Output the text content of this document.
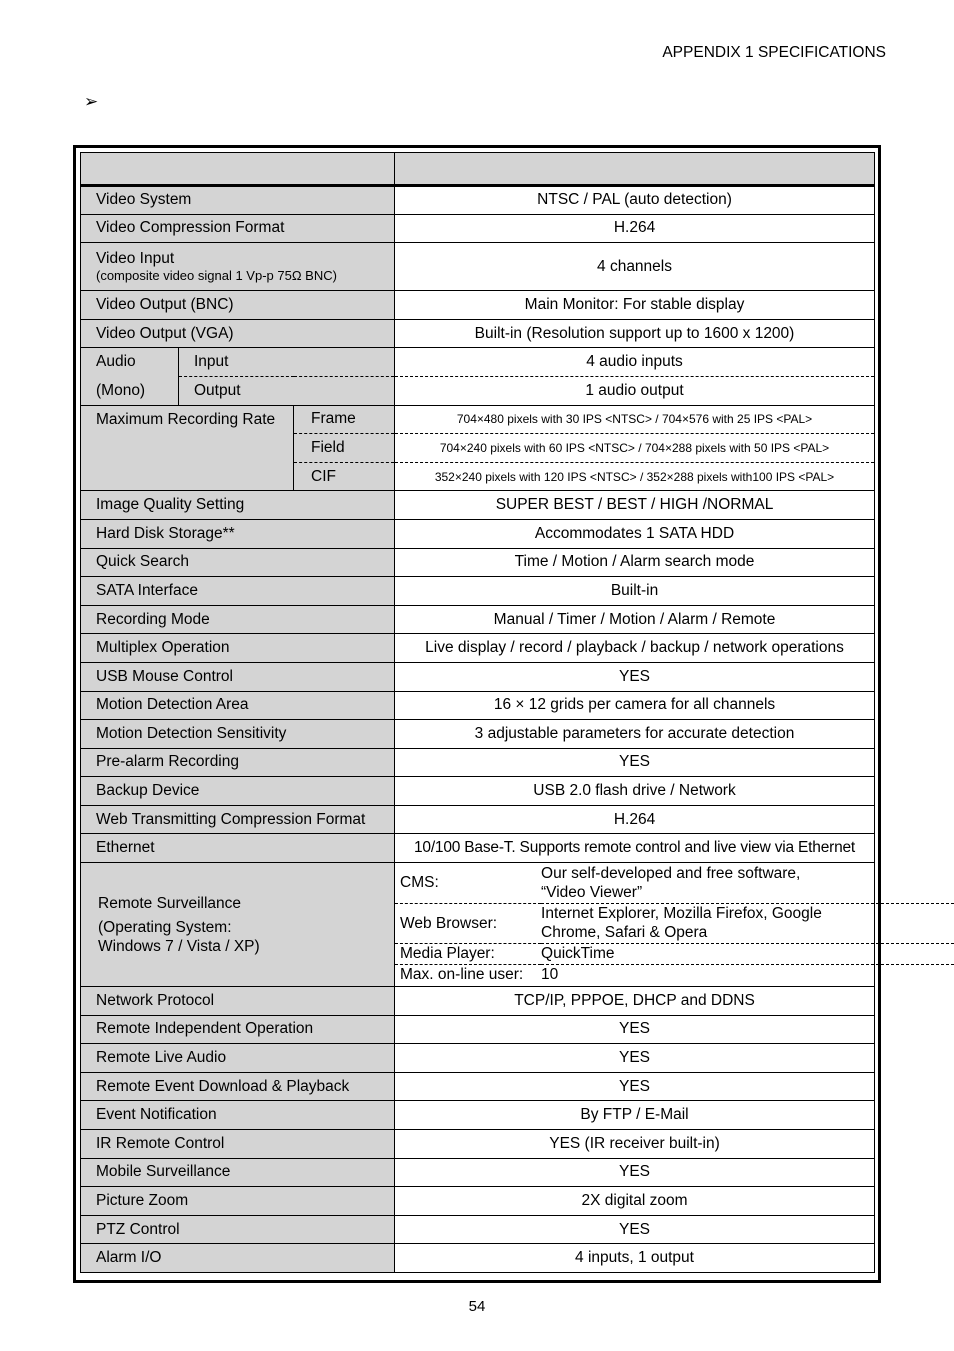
APPENDIX 1 SPECIFICATIONS
➢

Video System	NTSC / PAL (auto detection)
Video Compression Format	H.264

Video Input
(composite video signal 1 Vp-p 75Ω BNC)
	4 channels
Video Output (BNC)	Main Monitor: For stable display
Video Output (VGA)	Built-in (Resolution support up to 1600 x 1200)
Audio	Input	4 audio inputs
(Mono)	Output	1 audio output
Maximum Recording Rate	Frame	704×480 pixels with 30 IPS <NTSC> / 704×576 with 25 IPS <PAL>
Field	704×240 pixels with 60 IPS <NTSC> / 704×288 pixels with 50 IPS <PAL>
CIF	352×240 pixels with 120 IPS <NTSC> / 352×288 pixels with100 IPS <PAL>
Image Quality Setting	SUPER BEST / BEST / HIGH /NORMAL
Hard Disk Storage**	Accommodates 1 SATA HDD
Quick Search	Time / Motion / Alarm search mode
SATA Interface	Built-in
Recording Mode	Manual / Timer / Motion / Alarm / Remote
Multiplex Operation	Live display / record / playback / backup / network operations
USB Mouse Control	YES
Motion Detection Area	16 × 12 grids per camera for all channels
Motion Detection Sensitivity	3 adjustable parameters for accurate detection
Pre-alarm Recording	YES
Backup Device	USB 2.0 flash drive / Network
Web Transmitting Compression Format	H.264
Ethernet	10/100 Base-T. Supports remote control and live view via Ethernet

Remote Surveillance
(Operating System:
Windows 7 / Vista / XP)

CMS:	
Our self-developed and free software,
“Video Viewer”

Web Browser:	
Internet Explorer, Mozilla Firefox, Google
Chrome, Safari & Opera

Media Player:	QuickTime
Max. on-line user:	10

Network Protocol	TCP/IP, PPPOE, DHCP and DDNS
Remote Independent Operation	YES
Remote Live Audio	YES
Remote Event Download & Playback	YES
Event Notification	By FTP / E-Mail
IR Remote Control	YES (IR receiver built-in)
Mobile Surveillance	YES
Picture Zoom	2X digital zoom
PTZ Control	YES
Alarm I/O	4 inputs, 1 output
54
